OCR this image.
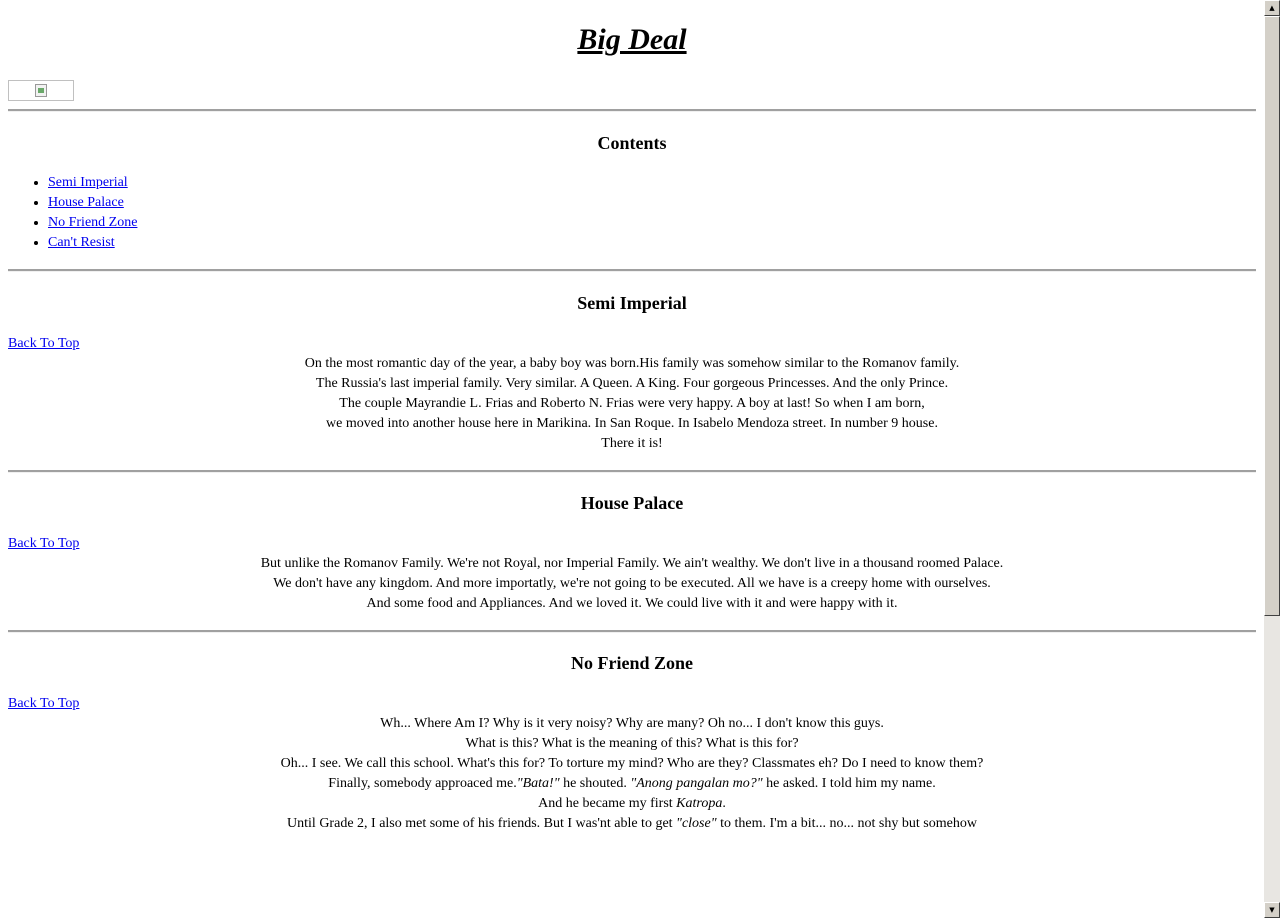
Big Deal
Contents
• Semi Imperial
• House Palace
• No Friend Zone
• Can't Resist
Semi Imperial
Back To Top

On the most romantic day of the year, a baby boy was born.His family was somehow similar to the Romanov family.
The Russia's last imperial family. Very similar. A Queen. A King. Four gorgeous Princesses. And the only Prince.

The couple Mayrandie L. Frias and Roberto N. Frias were very happy. A boy at last! So when I am born,
we moved into another house here in Marikina. In San Roque. In Isabelo Mendoza street. In number 9 house.
There it is!

House Palace
Back To Top

But unlike the Romanov Family. We're not Royal, nor Imperial Family. We ain't wealthy. We don't live in a thousand roomed Palace.
We don't have any kingdom. And more importatly, we're not going to be executed. All we have is a creepy home with ourselves.
And some food and Appliances. And we loved it. We could live with it and were happy with it.

No Friend Zone
Back To Top

Wh... Where Am I? Why is it very noisy? Why are many? Oh no... I don't know this guys.
What is this? What is the meaning of this? What is this for?

Oh... I see. We call this school. What's this for? To torture my mind? Who are they? Classmates eh? Do I need to know them?
Finally, somebody approaced me."Bata!" he shouted. "Anong pangalan mo?" he asked. I told him my name.
And he became my first Katropa.

Until Grade 2, I also met some of his friends. But I was'nt able to get "close" to them. I'm a bit... no... not shy but somehow

▲
▼
